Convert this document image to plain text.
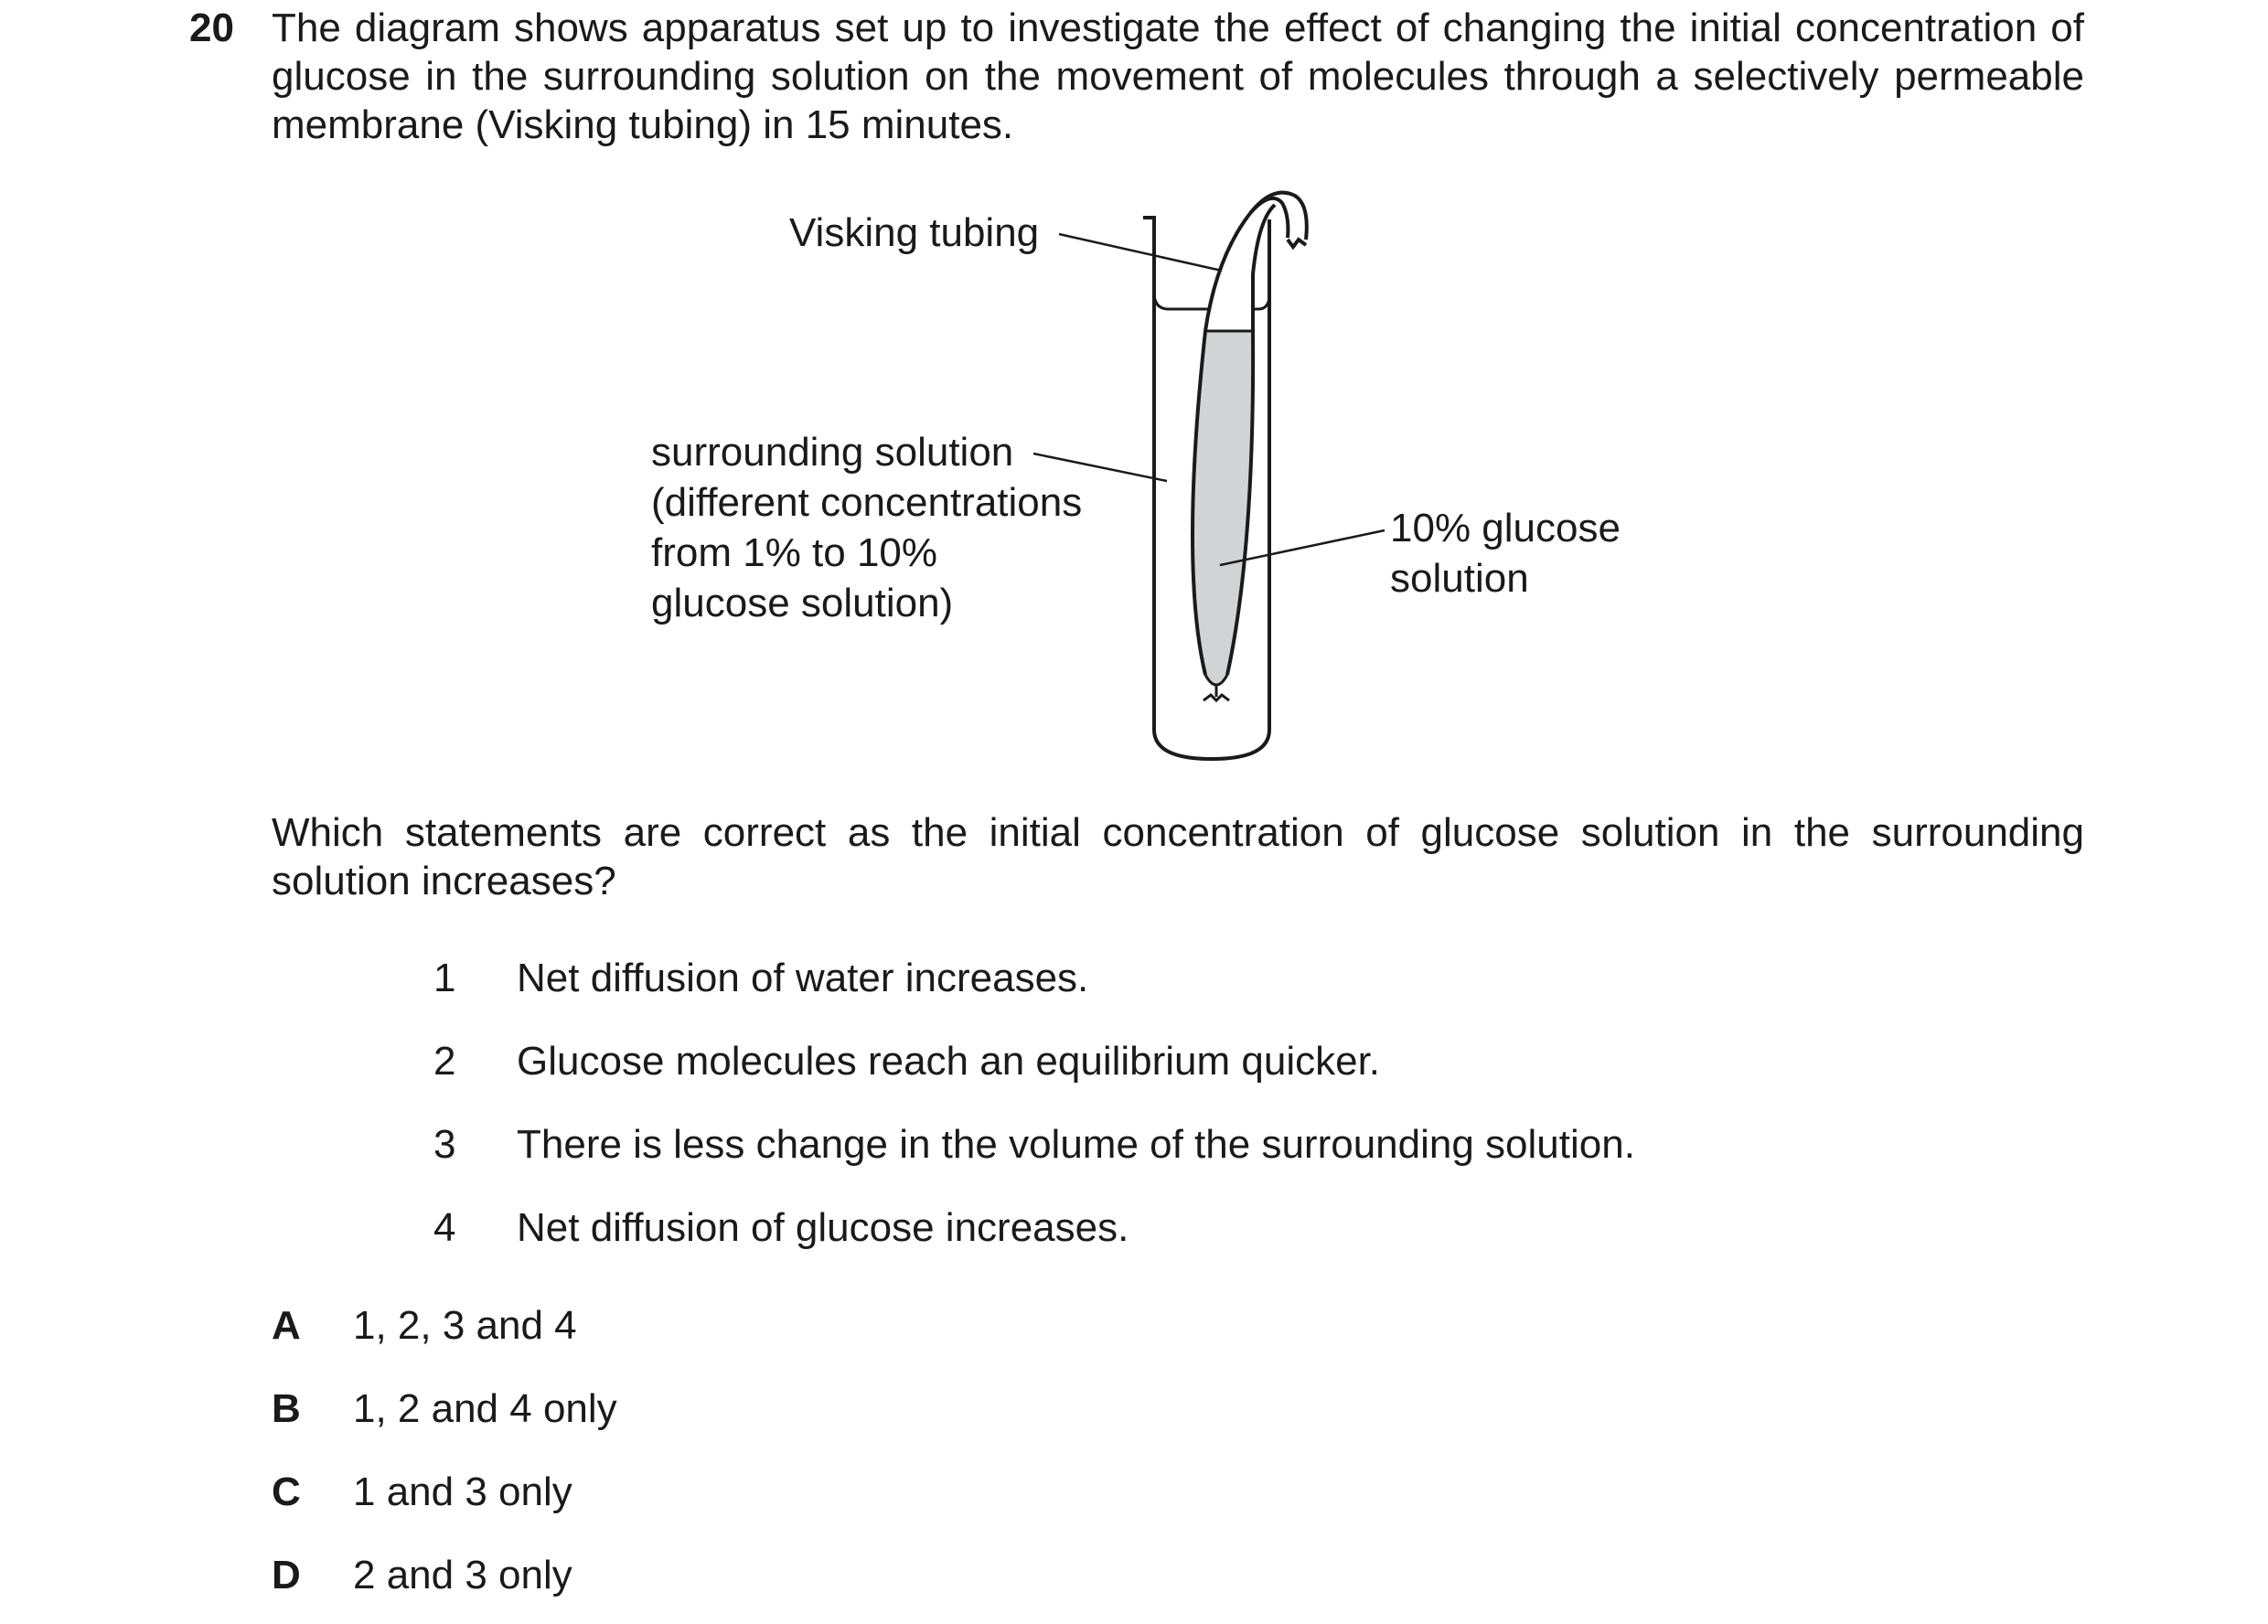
20 The diagram shows apparatus set up to investigate the effect of changing the initial concentration of glucose in the surrounding solution on the movement of molecules through a selectively permeable membrane (Visking tubing) in 15 minutes.
Visking tubing
surrounding solution
(different concentrations
from 1% to 10%
glucose solution)
10% glucose
solution
Which statements are correct as the initial concentration of glucose solution in the surrounding solution increases?
1 Net diffusion of water increases.
2 Glucose molecules reach an equilibrium quicker.
3 There is less change in the volume of the surrounding solution.
4 Net diffusion of glucose increases.
A 1, 2, 3 and 4
B 1, 2 and 4 only
C 1 and 3 only
D 2 and 3 only
